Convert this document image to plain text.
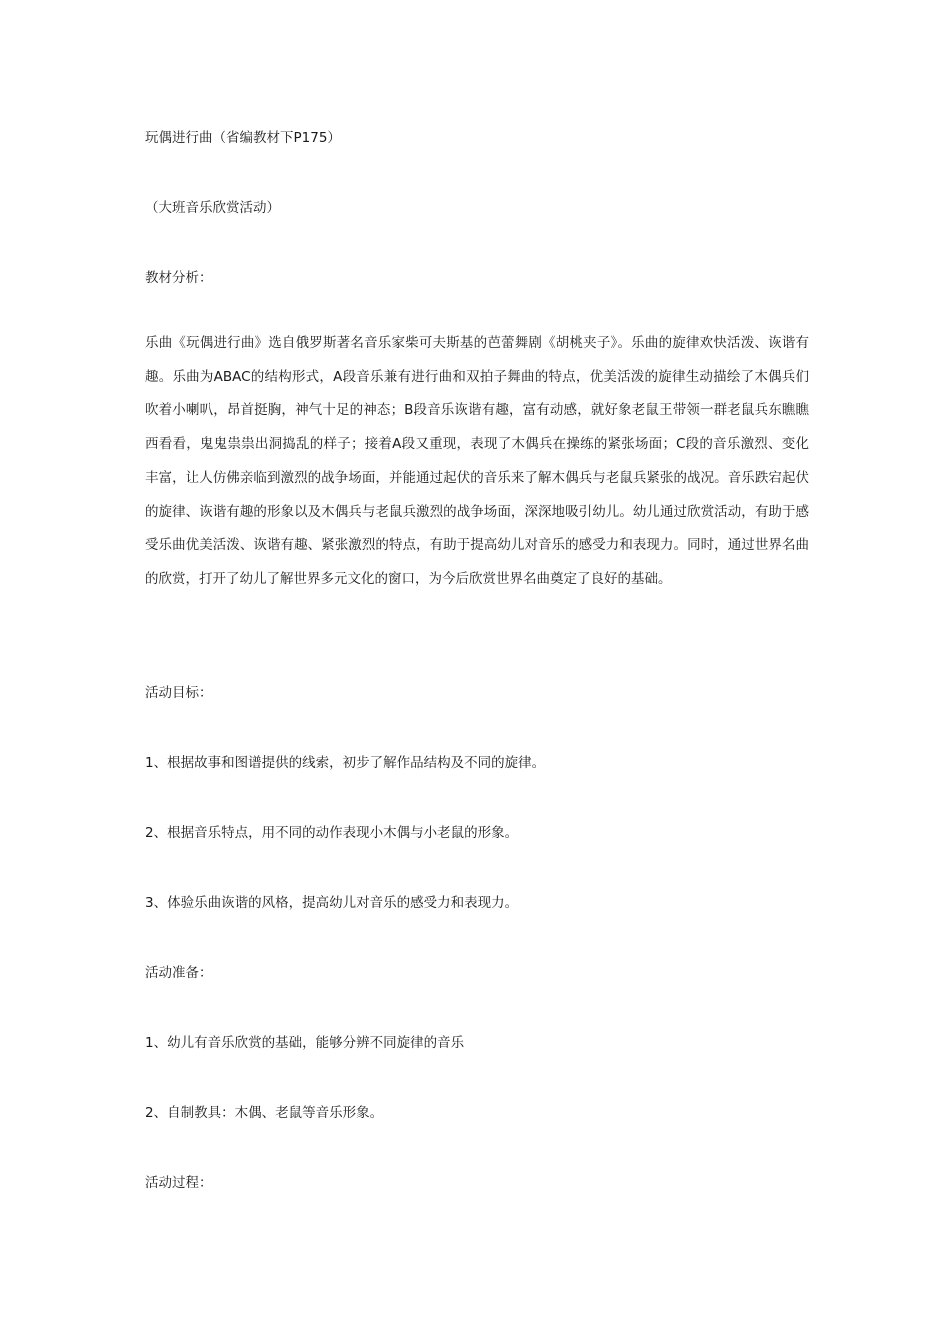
玩偶进行曲（省编教材下P175）
（大班音乐欣赏活动）
教材分析：
乐曲《玩偶进行曲》选自俄罗斯著名音乐家柴可夫斯基的芭蕾舞剧《胡桃夹子》。乐曲的旋律欢快活泼、诙谐有趣。乐曲为ABAC的结构形式，A段音乐兼有进行曲和双拍子舞曲的特点，优美活泼的旋律生动描绘了木偶兵们吹着小喇叭，昂首挺胸，神气十足的神态；B段音乐诙谐有趣，富有动感，就好象老鼠王带领一群老鼠兵东瞧瞧西看看，鬼鬼祟祟出洞捣乱的样子；接着A段又重现，表现了木偶兵在操练的紧张场面；C段的音乐激烈、变化丰富，让人仿佛亲临到激烈的战争场面，并能通过起伏的音乐来了解木偶兵与老鼠兵紧张的战况。音乐跌宕起伏的旋律、诙谐有趣的形象以及木偶兵与老鼠兵激烈的战争场面，深深地吸引幼儿。幼儿通过欣赏活动，有助于感受乐曲优美活泼、诙谐有趣、紧张激烈的特点，有助于提高幼儿对音乐的感受力和表现力。同时，通过世界名曲的欣赏，打开了幼儿了解世界多元文化的窗口，为今后欣赏世界名曲奠定了良好的基础。
活动目标：
1、根据故事和图谱提供的线索，初步了解作品结构及不同的旋律。
2、根据音乐特点，用不同的动作表现小木偶与小老鼠的形象。
3、体验乐曲诙谐的风格，提高幼儿对音乐的感受力和表现力。
活动准备：
1、幼儿有音乐欣赏的基础，能够分辨不同旋律的音乐
2、自制教具：木偶、老鼠等音乐形象。
活动过程：
